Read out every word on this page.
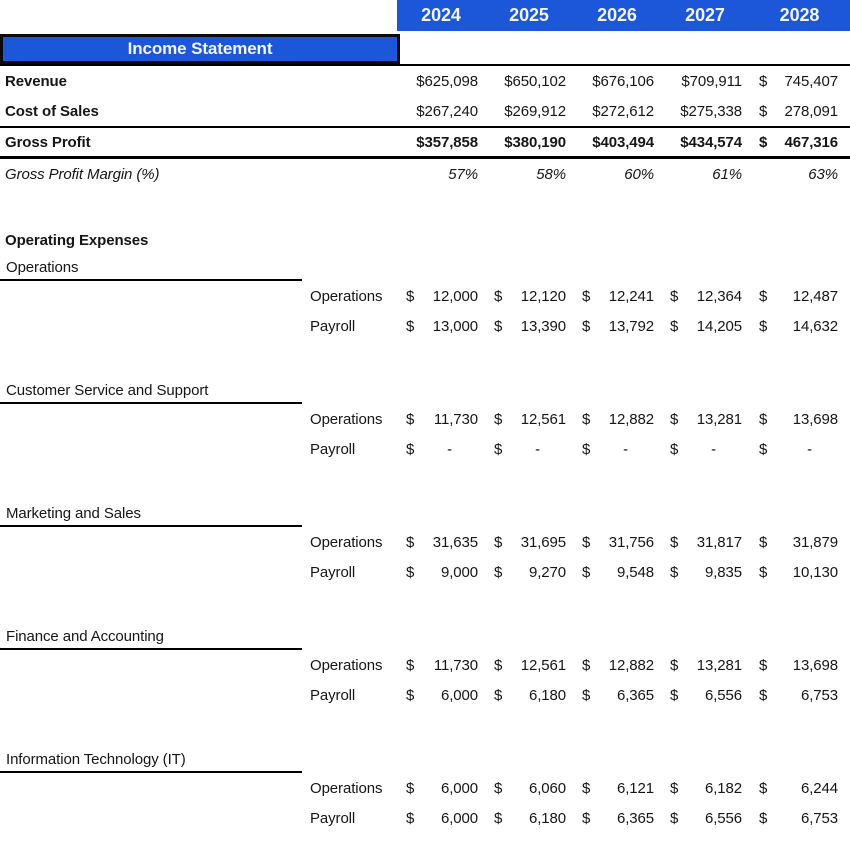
2024	2025	2026	2027	2028
Income Statement
Revenue	$625,098	$650,102	$676,106	$709,911	$ 745,407
Cost of Sales	$267,240	$269,912	$272,612	$275,338	$ 278,091
Gross Profit	$357,858	$380,190	$403,494	$434,574	$ 467,316
Gross Profit Margin (%)	57%	58%	60%	61%	63%
Operating Expenses
Operations
Operations	$ 12,000 $ 12,120 $ 12,241 $ 12,364 $ 12,487
Payroll	$ 13,000 $ 13,390 $ 13,792 $ 14,205 $ 14,632
Customer Service and Support
Operations	$ 11,730 $ 12,561 $ 12,882 $ 13,281 $ 13,698
Payroll	$ -	$ -	$ -	$ -	$	-
Marketing and Sales
Operations	$ 31,635 $ 31,695 $ 31,756 $ 31,817 $ 31,879
Payroll	$ 9,000 $ 9,270 $ 9,548 $ 9,835 $ 10,130
Finance and Accounting
Operations	$ 11,730 $ 12,561 $ 12,882 $ 13,281 $ 13,698
Payroll	$ 6,000 $ 6,180 $ 6,365 $ 6,556 $ 6,753
Information Technology (IT)
Operations	$ 6,000 $ 6,060 $ 6,121 $ 6,182 $ 6,244
Payroll	$ 6,000 $ 6,180 $ 6,365 $ 6,556 $ 6,753
